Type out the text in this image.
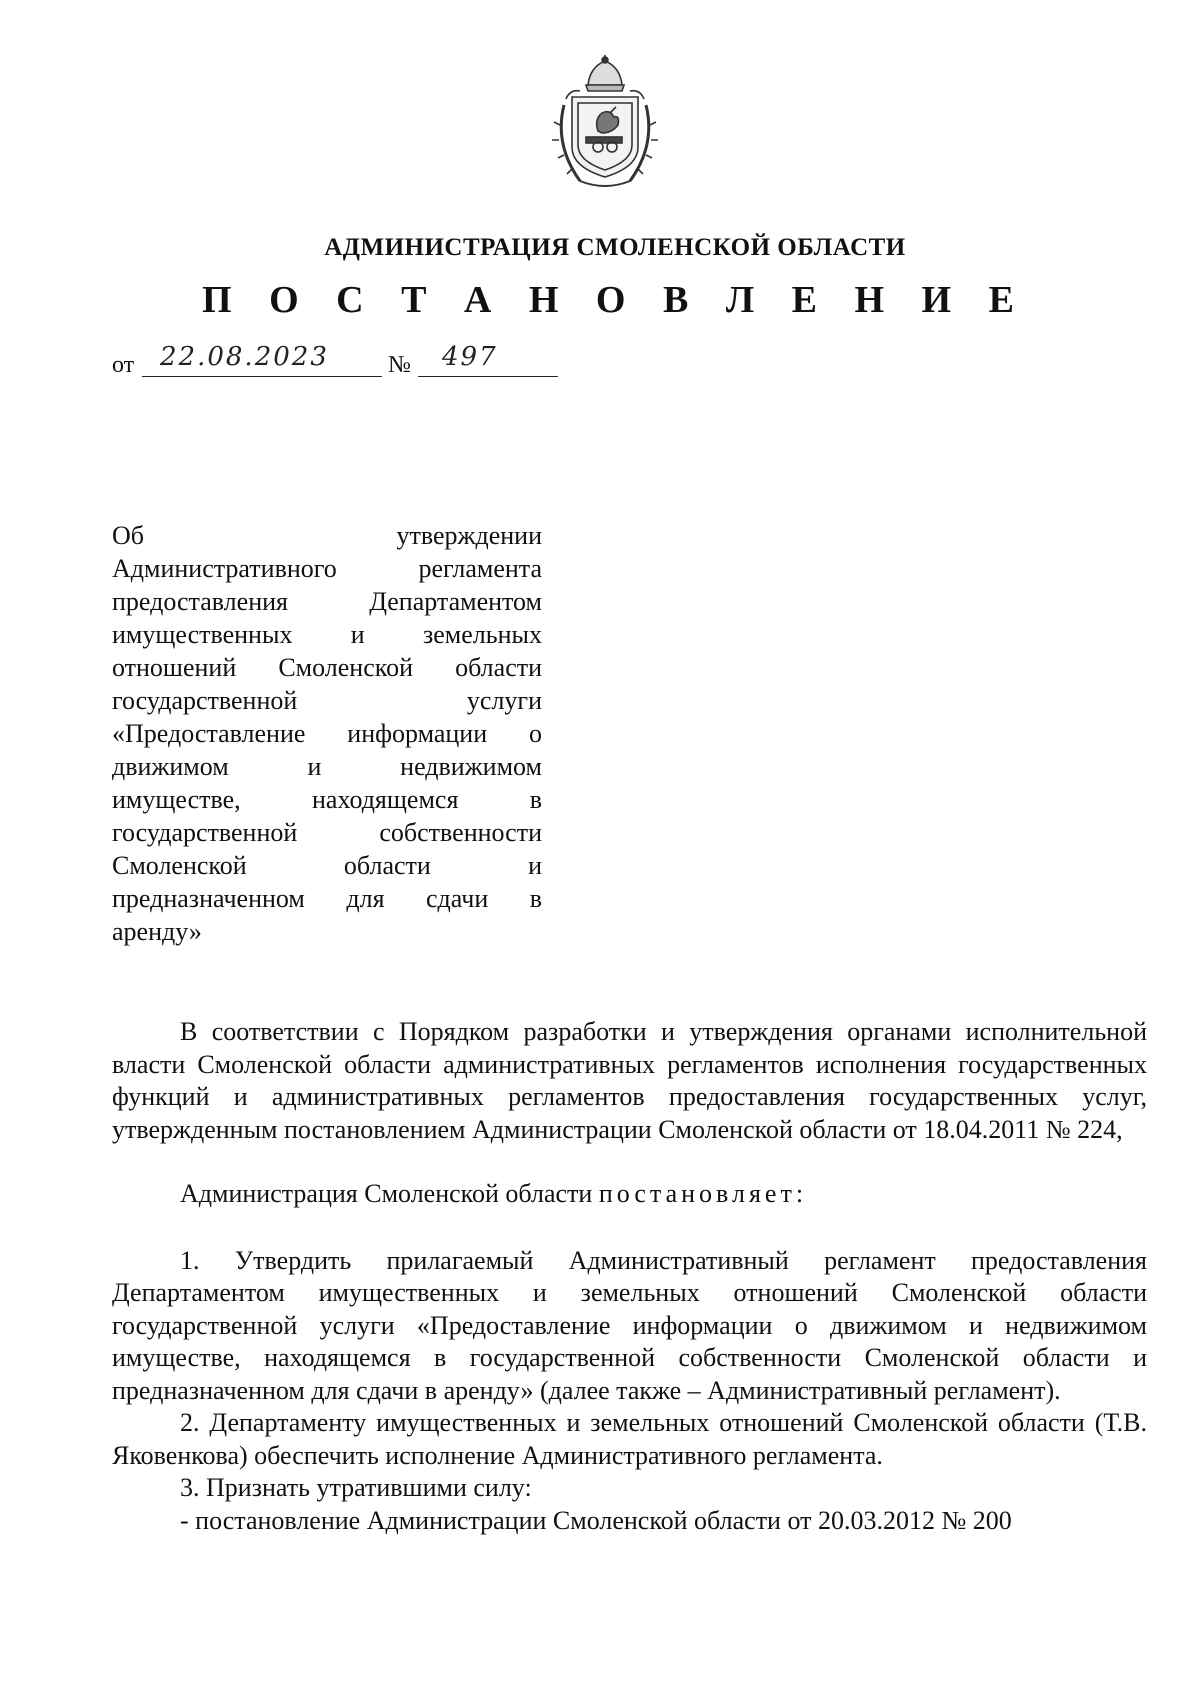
АДМИНИСТРАЦИЯ СМОЛЕНСКОЙ ОБЛАСТИ
П О С Т А Н О В Л Е Н И Е
от 22.08.2023 № 497
Об	утверждении
Административного	регламента
предоставления	Департаментом
имущественных и земельных
отношений Смоленской области
государственной	услуги
«Предоставление информации о
движимом	и	недвижимом
имуществе,	находящемся	в
государственной	собственности
Смоленской	области	и
предназначенном для сдачи в
аренду»

В соответствии с Порядком разработки и утверждения органами исполнительной власти Смоленской области административных регламентов исполнения государственных функций и административных регламентов предоставления государственных услуг, утвержденным постановлением Администрации Смоленской области от 18.04.2011 № 224,

Администрация Смоленской области постановляет:

1. Утвердить прилагаемый Административный регламент предоставления Департаментом имущественных и земельных отношений Смоленской области государственной услуги «Предоставление информации о движимом и недвижимом имуществе, находящемся в государственной собственности Смоленской области и предназначенном для сдачи в аренду» (далее также – Административный регламент).

2. Департаменту имущественных и земельных отношений Смоленской области (Т.В. Яковенкова) обеспечить исполнение Административного регламента.

3. Признать утратившими силу:

- постановление Администрации Смоленской области от 20.03.2012 № 200
